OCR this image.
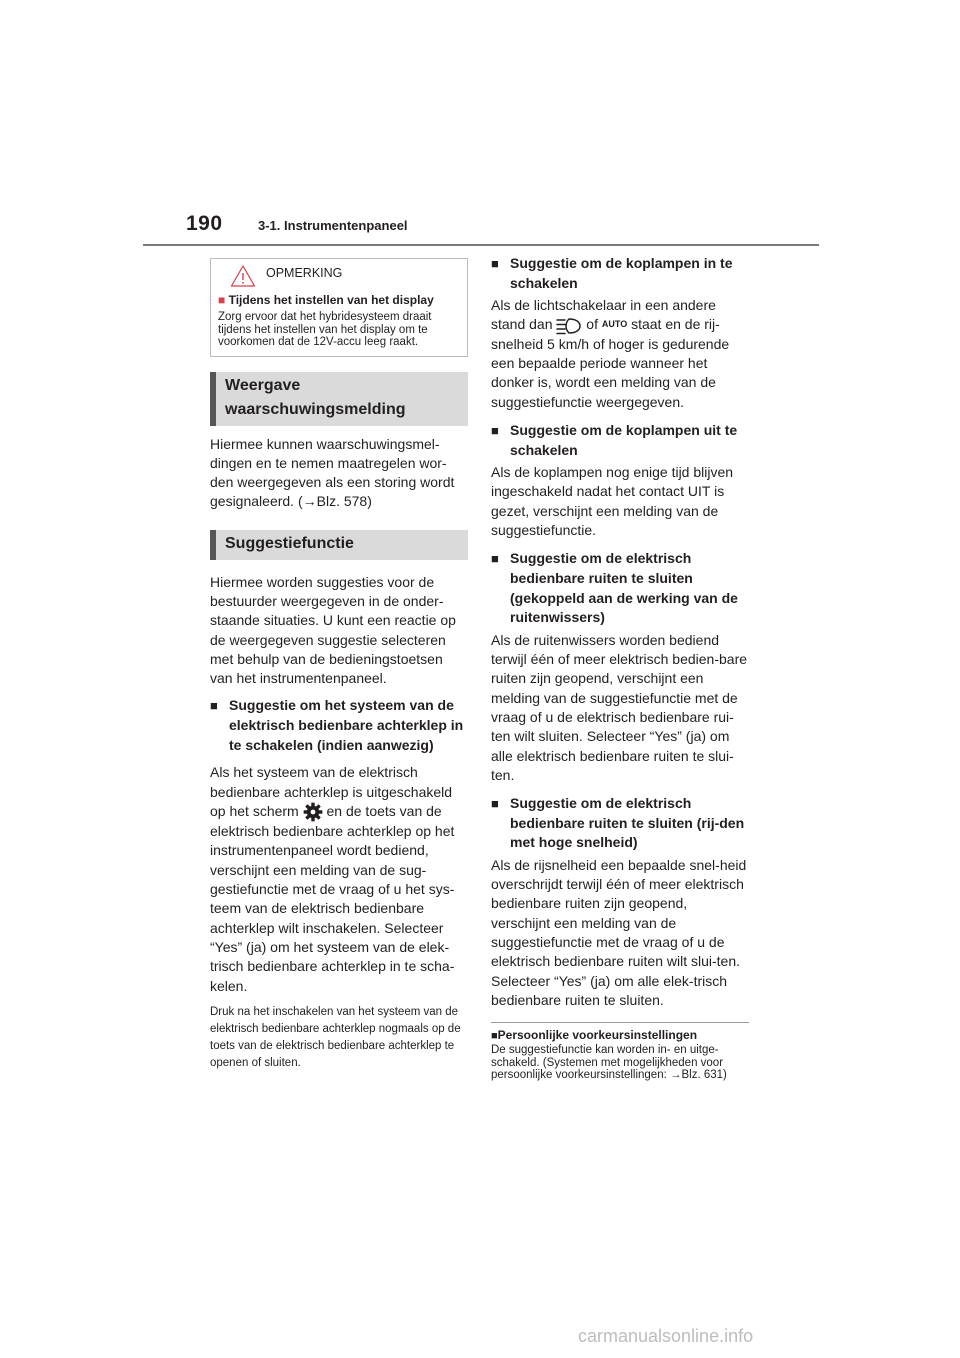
190	3-1. Instrumentenpaneel
OPMERKING
■ Tijdens het instellen van het display
Zorg ervoor dat het hybridesysteem draait tijdens het instellen van het display om te voorkomen dat de 12V-accu leeg raakt.
Weergave
waarschuwingsmelding

Hiermee kunnen waarschuwingsmel-dingen en te nemen maatregelen wor-den weergegeven als een storing wordt gesignaleerd. (→Blz. 578)

Suggestiefunctie

Hiermee worden suggesties voor de bestuurder weergegeven in de onder-staande situaties. U kunt een reactie op de weergegeven suggestie selecteren met behulp van de bedieningstoetsen van het instrumentenpaneel.

■ Suggestie om het systeem van de elektrisch bedienbare achterklep in te schakelen (indien aanwezig)

Als het systeem van de elektrisch bedienbare achterklep is uitgeschakeld op het scherm en de toets van de elektrisch bedienbare achterklep op het instrumentenpaneel wordt bediend, verschijnt een melding van de sug-gestiefunctie met de vraag of u het sys-teem van de elektrisch bedienbare achterklep wilt inschakelen. Selecteer “Yes” (ja) om het systeem van de elek-trisch bedienbare achterklep in te scha-kelen.

Druk na het inschakelen van het systeem van de elektrisch bedienbare achterklep nogmaals op de toets van de elektrisch bedienbare achterklep te openen of sluiten.

■ Suggestie om de koplampen in te schakelen

Als de lichtschakelaar in een andere stand dan of AUTO staat en de rij-snelheid 5 km/h of hoger is gedurende een bepaalde periode wanneer het donker is, wordt een melding van de suggestiefunctie weergegeven.

■ Suggestie om de koplampen uit te schakelen

Als de koplampen nog enige tijd blijven ingeschakeld nadat het contact UIT is gezet, verschijnt een melding van de suggestiefunctie.

■ Suggestie om de elektrisch bedienbare ruiten te sluiten (gekoppeld aan de werking van de ruitenwissers)

Als de ruitenwissers worden bediend terwijl één of meer elektrisch bedien-bare ruiten zijn geopend, verschijnt een melding van de suggestiefunctie met de vraag of u de elektrisch bedienbare rui-ten wilt sluiten. Selecteer “Yes” (ja) om alle elektrisch bedienbare ruiten te slui-ten.

■ Suggestie om de elektrisch bedienbare ruiten te sluiten (rij-den met hoge snelheid)

Als de rijsnelheid een bepaalde snel-heid overschrijdt terwijl één of meer elektrisch bedienbare ruiten zijn geopend, verschijnt een melding van de suggestiefunctie met de vraag of u de elektrisch bedienbare ruiten wilt slui-ten. Selecteer “Yes” (ja) om alle elek-trisch bedienbare ruiten te sluiten.

■Persoonlijke voorkeursinstellingen

De suggestiefunctie kan worden in- en uitge-schakeld. (Systemen met mogelijkheden voor persoonlijke voorkeursinstellingen: →Blz. 631)

carmanualsonline.info
